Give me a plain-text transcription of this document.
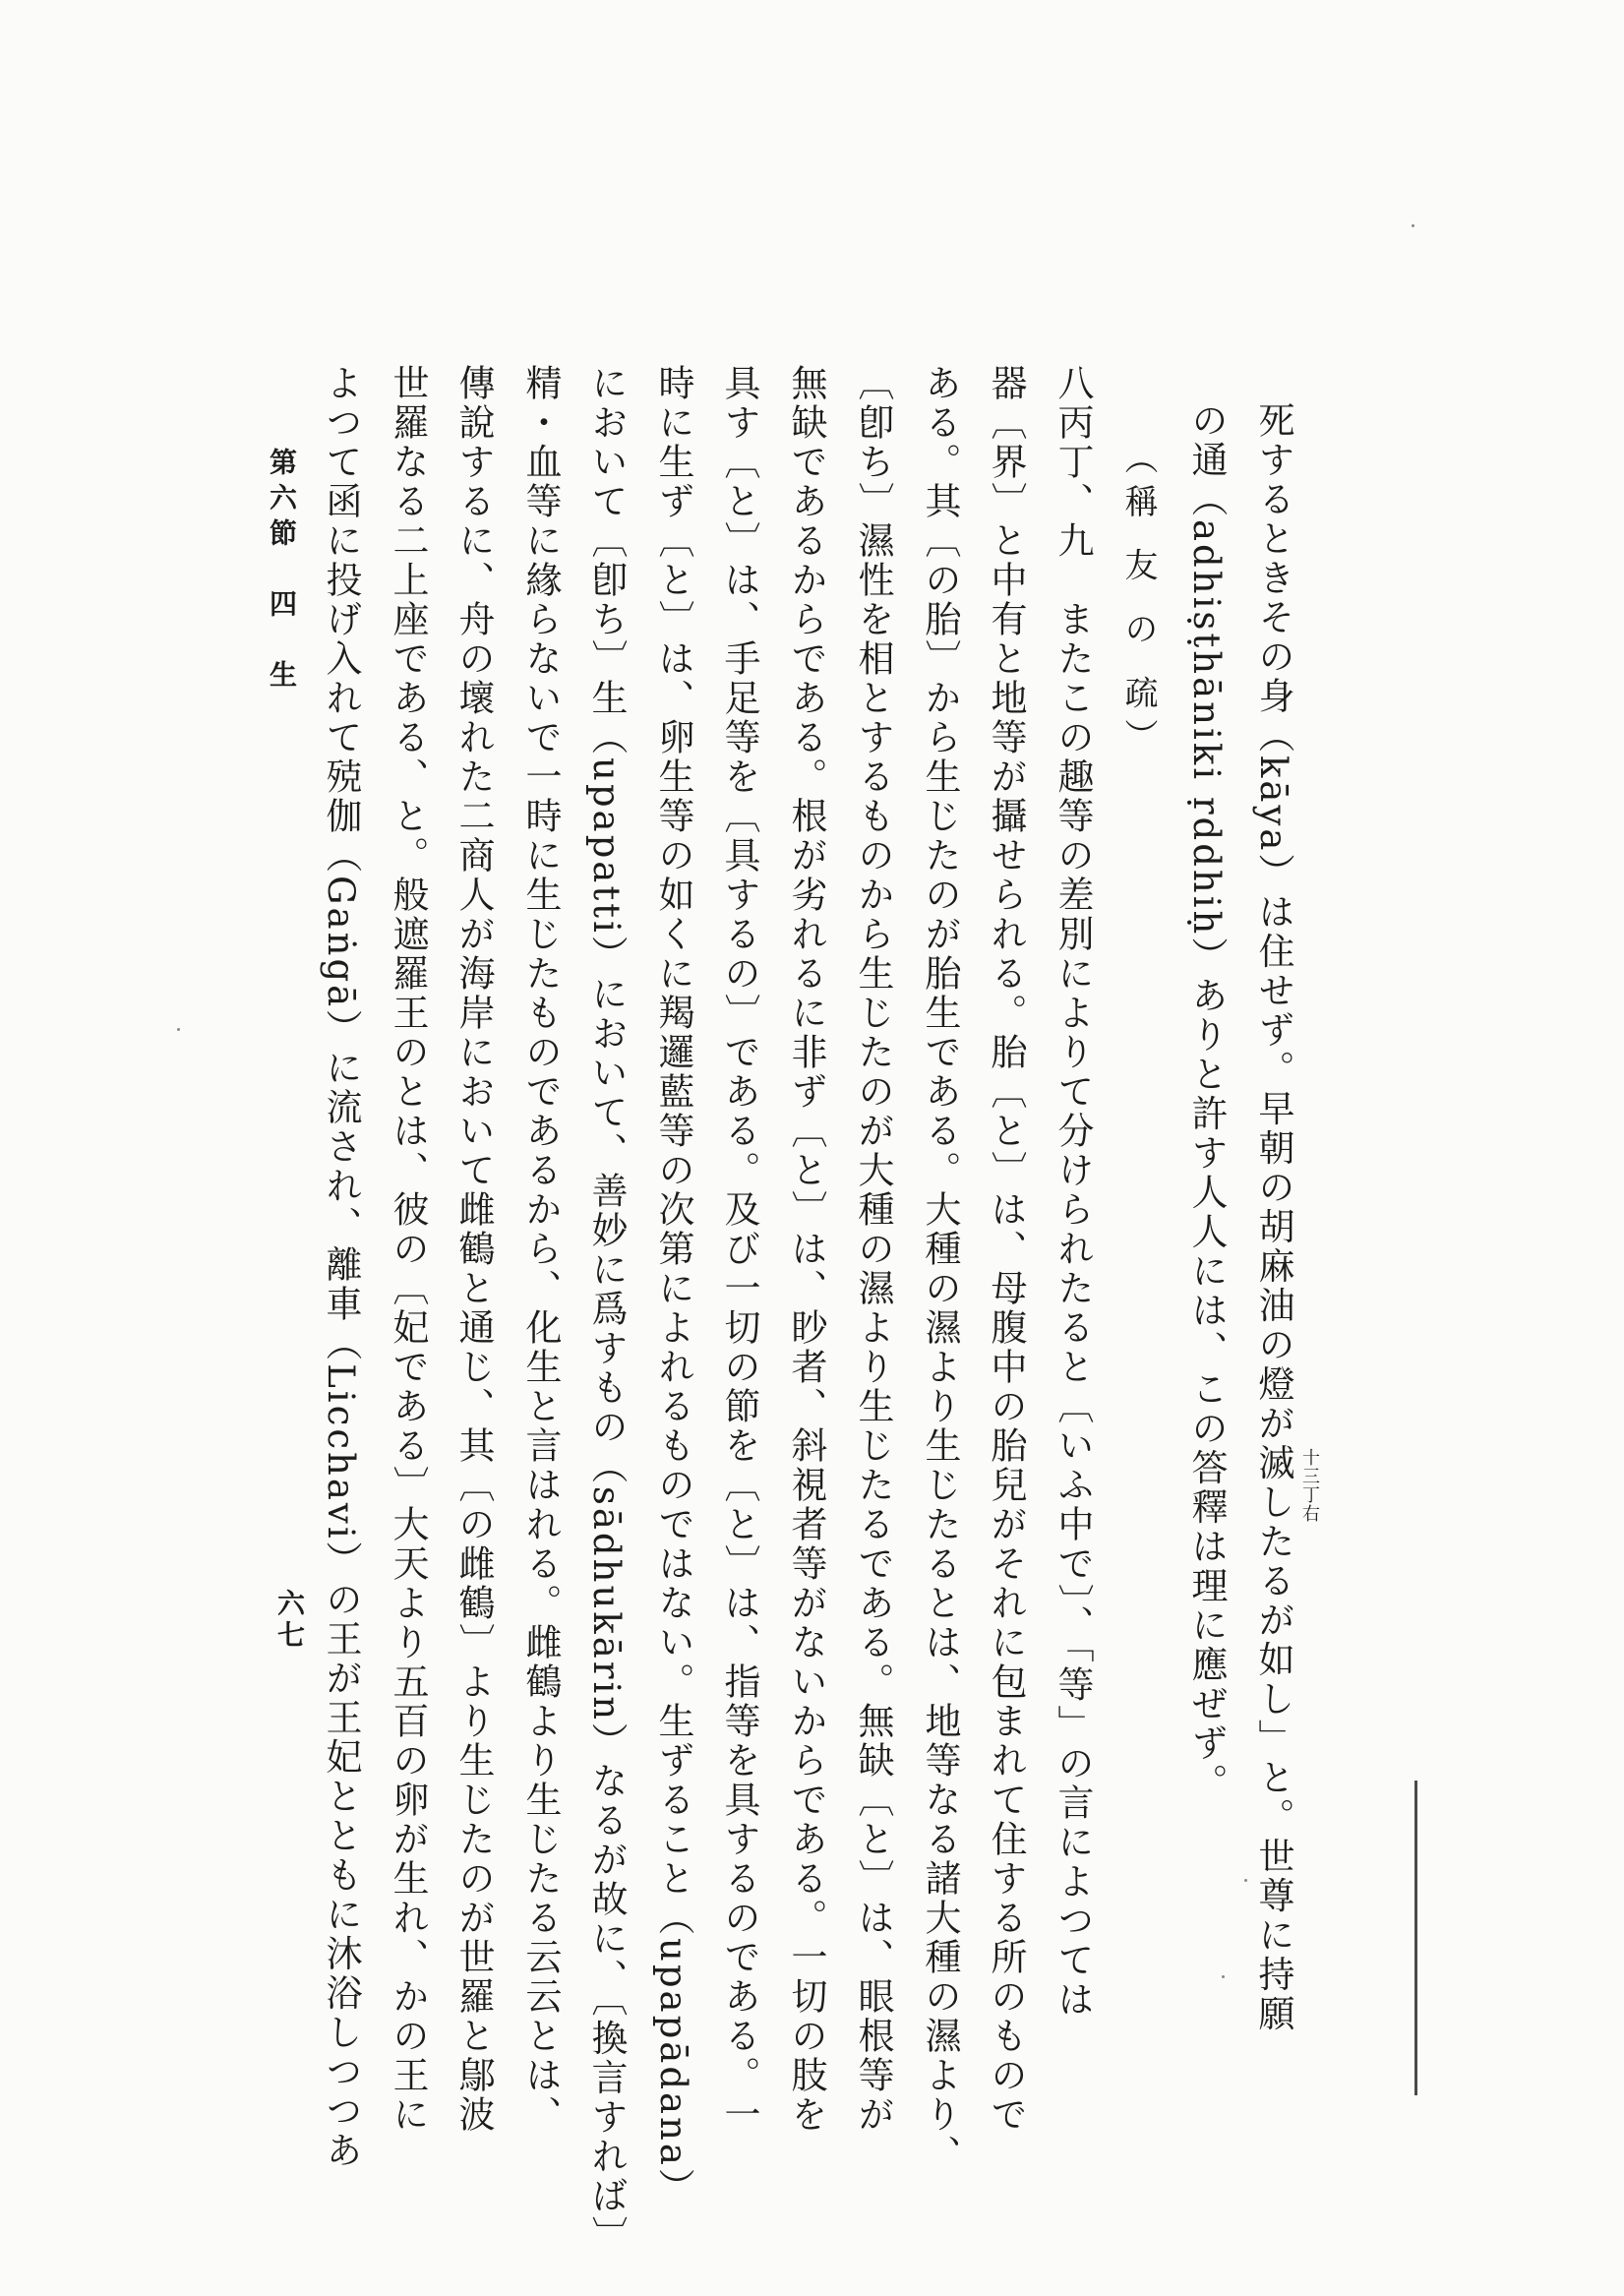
死するときその身（kāya）は住せず。早朝の胡麻油の燈が滅したるが如し」と。世尊に持願
の通（adhiṣṭhāniki ṛddhiḥ）ありと許す人人には、この答釋は理に應ぜず。
（稱 友 の 疏）
八丙丁、九　またこの趣等の差別によりて分けられたると〔いふ中で〕、「等」の言によつては
器〔界〕と中有と地等が攝せられる。胎〔と〕は、母腹中の胎兒がそれに包まれて住する所のもので
ある。其〔の胎〕から生じたのが胎生である。大種の濕より生じたるとは、地等なる諸大種の濕より、
〔卽ち〕濕性を相とするものから生じたのが大種の濕より生じたるである。無缺〔と〕は、眼根等が
無缺であるからである。根が劣れるに非ず〔と〕は、眇者、斜視者等がないからである。一切の肢を
具す〔と〕は、手足等を〔具するの〕である。及び一切の節を〔と〕は、指等を具するのである。一
時に生ず〔と〕は、卵生等の如くに羯邏藍等の次第によれるものではない。生ずること（upapādana）
において〔卽ち〕生（upapatti）において、善妙に爲すもの（sādhukārin）なるが故に、〔換言すれば〕
精・血等に緣らないで一時に生じたものであるから、化生と言はれる。雌鶴より生じたる云云とは、
傳說するに、舟の壞れた二商人が海岸において雌鶴と通じ、其〔の雌鶴〕より生じたのが世羅と鄔波
世羅なる二上座である、と。般遮羅王のとは、彼の〔妃である〕大天より五百の卵が生れ、かの王に
よつて函に投げ入れて殑伽（Gaṅgā）に流され、離車（Licchavi）の王が王妃とともに沐浴しつつあ
第六節　四　生
六七
十三丁右
